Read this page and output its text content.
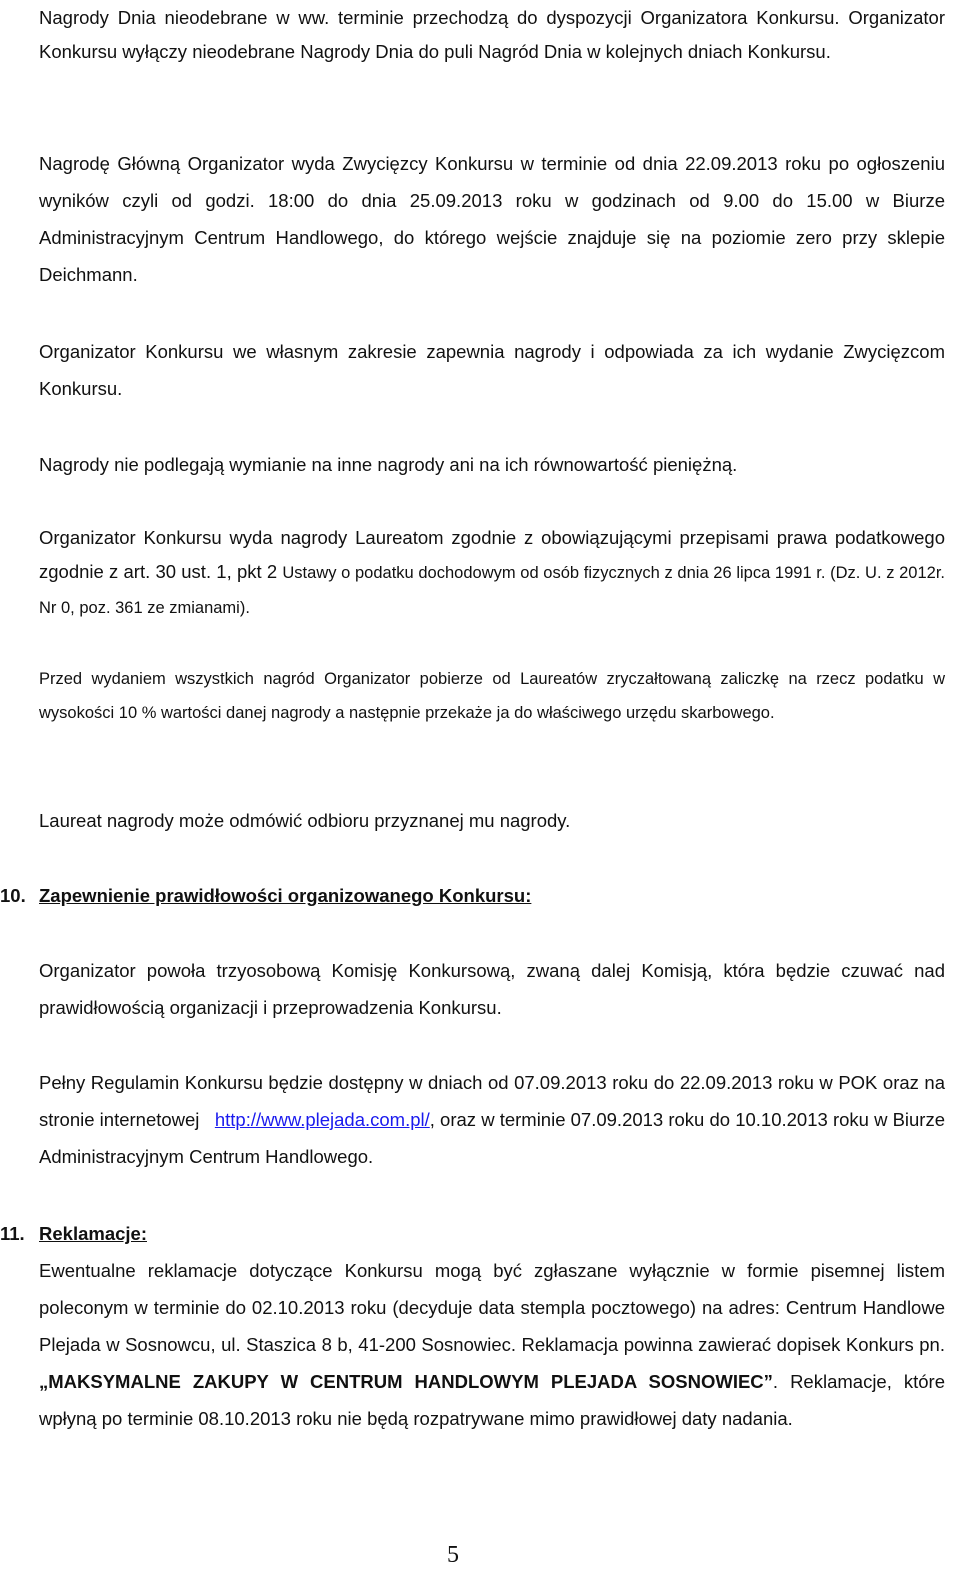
Nagrody Dnia nieodebrane w ww. terminie przechodzą do dyspozycji Organizatora Konkursu. Organizator Konkursu wyłączy nieodebrane Nagrody Dnia do puli Nagród Dnia w kolejnych dniach Konkursu.
Nagrodę Główną Organizator wyda Zwycięzcy Konkursu w terminie od dnia 22.09.2013 roku po ogłoszeniu wyników czyli od godzi. 18:00 do dnia 25.09.2013 roku w godzinach od 9.00 do 15.00 w Biurze Administracyjnym Centrum Handlowego, do którego wejście znajduje się na poziomie zero przy sklepie Deichmann.
Organizator Konkursu we własnym zakresie zapewnia nagrody i odpowiada za ich wydanie Zwycięzcom Konkursu.
Nagrody nie podlegają wymianie na inne nagrody ani na ich równowartość pieniężną.
Organizator Konkursu wyda nagrody Laureatom zgodnie z obowiązującymi przepisami prawa podatkowego zgodnie z art. 30 ust. 1, pkt 2 Ustawy o podatku dochodowym od osób fizycznych z dnia 26 lipca 1991 r. (Dz. U. z 2012r. Nr 0, poz. 361 ze zmianami).
Przed wydaniem wszystkich nagród Organizator pobierze od Laureatów zryczałtowaną zaliczkę na rzecz podatku w wysokości 10 % wartości danej nagrody a następnie przekaże ja do właściwego urzędu skarbowego.
Laureat nagrody może odmówić odbioru przyznanej mu nagrody.
10. Zapewnienie prawidłowości organizowanego Konkursu:
Organizator powoła trzyosobową Komisję Konkursową, zwaną dalej Komisją, która będzie czuwać nad prawidłowością organizacji i przeprowadzenia Konkursu.
Pełny Regulamin Konkursu będzie dostępny w dniach od 07.09.2013 roku do 22.09.2013 roku w POK oraz na stronie internetowej http://www.plejada.com.pl/, oraz w terminie 07.09.2013 roku do 10.10.2013 roku w Biurze Administracyjnym Centrum Handlowego.
11. Reklamacje:
Ewentualne reklamacje dotyczące Konkursu mogą być zgłaszane wyłącznie w formie pisemnej listem poleconym w terminie do 02.10.2013 roku (decyduje data stempla pocztowego) na adres: Centrum Handlowe Plejada w Sosnowcu, ul. Staszica 8 b, 41-200 Sosnowiec. Reklamacja powinna zawierać dopisek Konkurs pn. „MAKSYMALNE ZAKUPY W CENTRUM HANDLOWYM PLEJADA SOSNOWIEC”. Reklamacje, które wpłyną po terminie 08.10.2013 roku nie będą rozpatrywane mimo prawidłowej daty nadania.
5
